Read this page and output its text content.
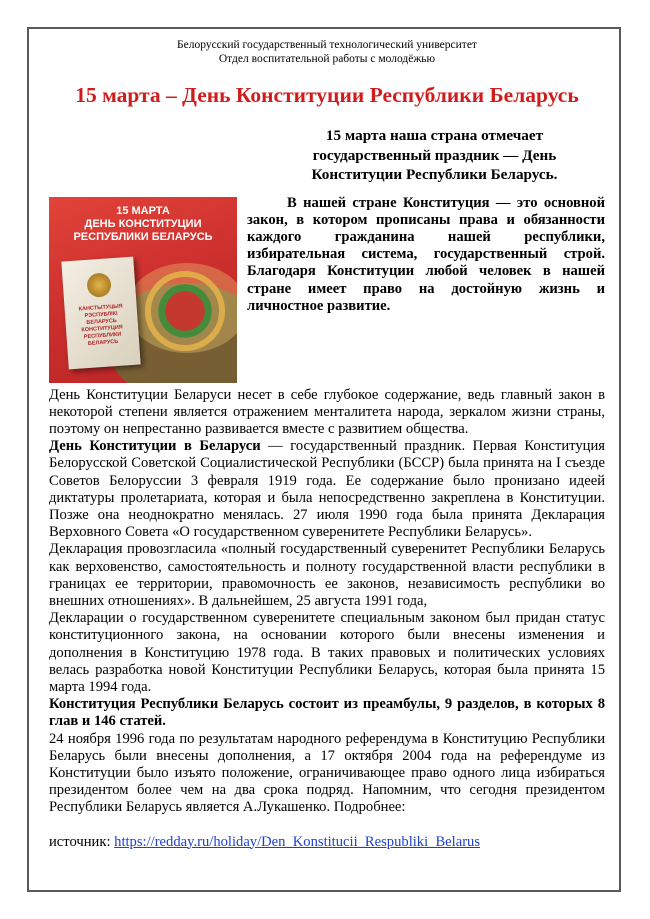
Белорусский государственный технологический университет

Отдел воспитательной работы с молодёжью

15 марта – День Конституции Республики Беларусь

15 марта наша страна отмечает государственный праздник — День Конституции Республики Беларусь.

15 МАРТА
ДЕНЬ КОНСТИТУЦИИ
РЕСПУБЛИКИ БЕЛАРУСЬ
КАНСТЫТУЦЫЯ РЭСПУБЛІКІ БЕЛАРУСЬ КОНСТИТУЦИЯ РЕСПУБЛИКИ БЕЛАРУСЬ

В нашей стране Конституция — это основной закон, в котором прописаны права и обязанности каждого гражданина нашей республики, избирательная система, государственный строй. Благодаря Конституции любой человек в нашей стране имеет право на достойную жизнь и личностное развитие.

День Конституции Беларуси несет в себе глубокое содержание, ведь главный закон в некоторой степени является отражением менталитета народа, зеркалом жизни страны, поэтому он непрестанно развивается вместе с развитием общества.

День Конституции в Беларуси — государственный праздник. Первая Конституция Белорусской Советской Социалистической Республики (БССР) была принята на I съезде Советов Белоруссии 3 февраля 1919 года. Ее содержание было пронизано идеей диктатуры пролетариата, которая и была непосредственно закреплена в Конституции. Позже она неоднократно менялась. 27 июля 1990 года была принята Декларация Верховного Совета «О государственном суверенитете Республики Беларусь».

Декларация провозгласила «полный государственный суверенитет Республики Беларусь как верховенство, самостоятельность и полноту государственной власти республики в границах ее территории, правомочность ее законов, независимость республики во внешних отношениях». В дальнейшем, 25 августа 1991 года,

Декларации о государственном суверенитете специальным законом был придан статус конституционного закона, на основании которого были внесены изменения и дополнения в Конституцию 1978 года. В таких правовых и политических условиях велась разработка новой Конституции Республики Беларусь, которая была принята 15 марта 1994 года.

Конституция Республики Беларусь состоит из преамбулы, 9 разделов, в которых 8 глав и 146 статей.

24 ноября 1996 года по результатам народного референдума в Конституцию Республики Беларусь были внесены дополнения, а 17 октября 2004 года на референдуме из Конституции было изъято положение, ограничивающее право одного лица избираться президентом более чем на два срока подряд. Напомним, что сегодня президентом Республики Беларусь является А.Лукашенко. Подробнее:

источник: https://redday.ru/holiday/Den_Konstitucii_Respubliki_Belarus
